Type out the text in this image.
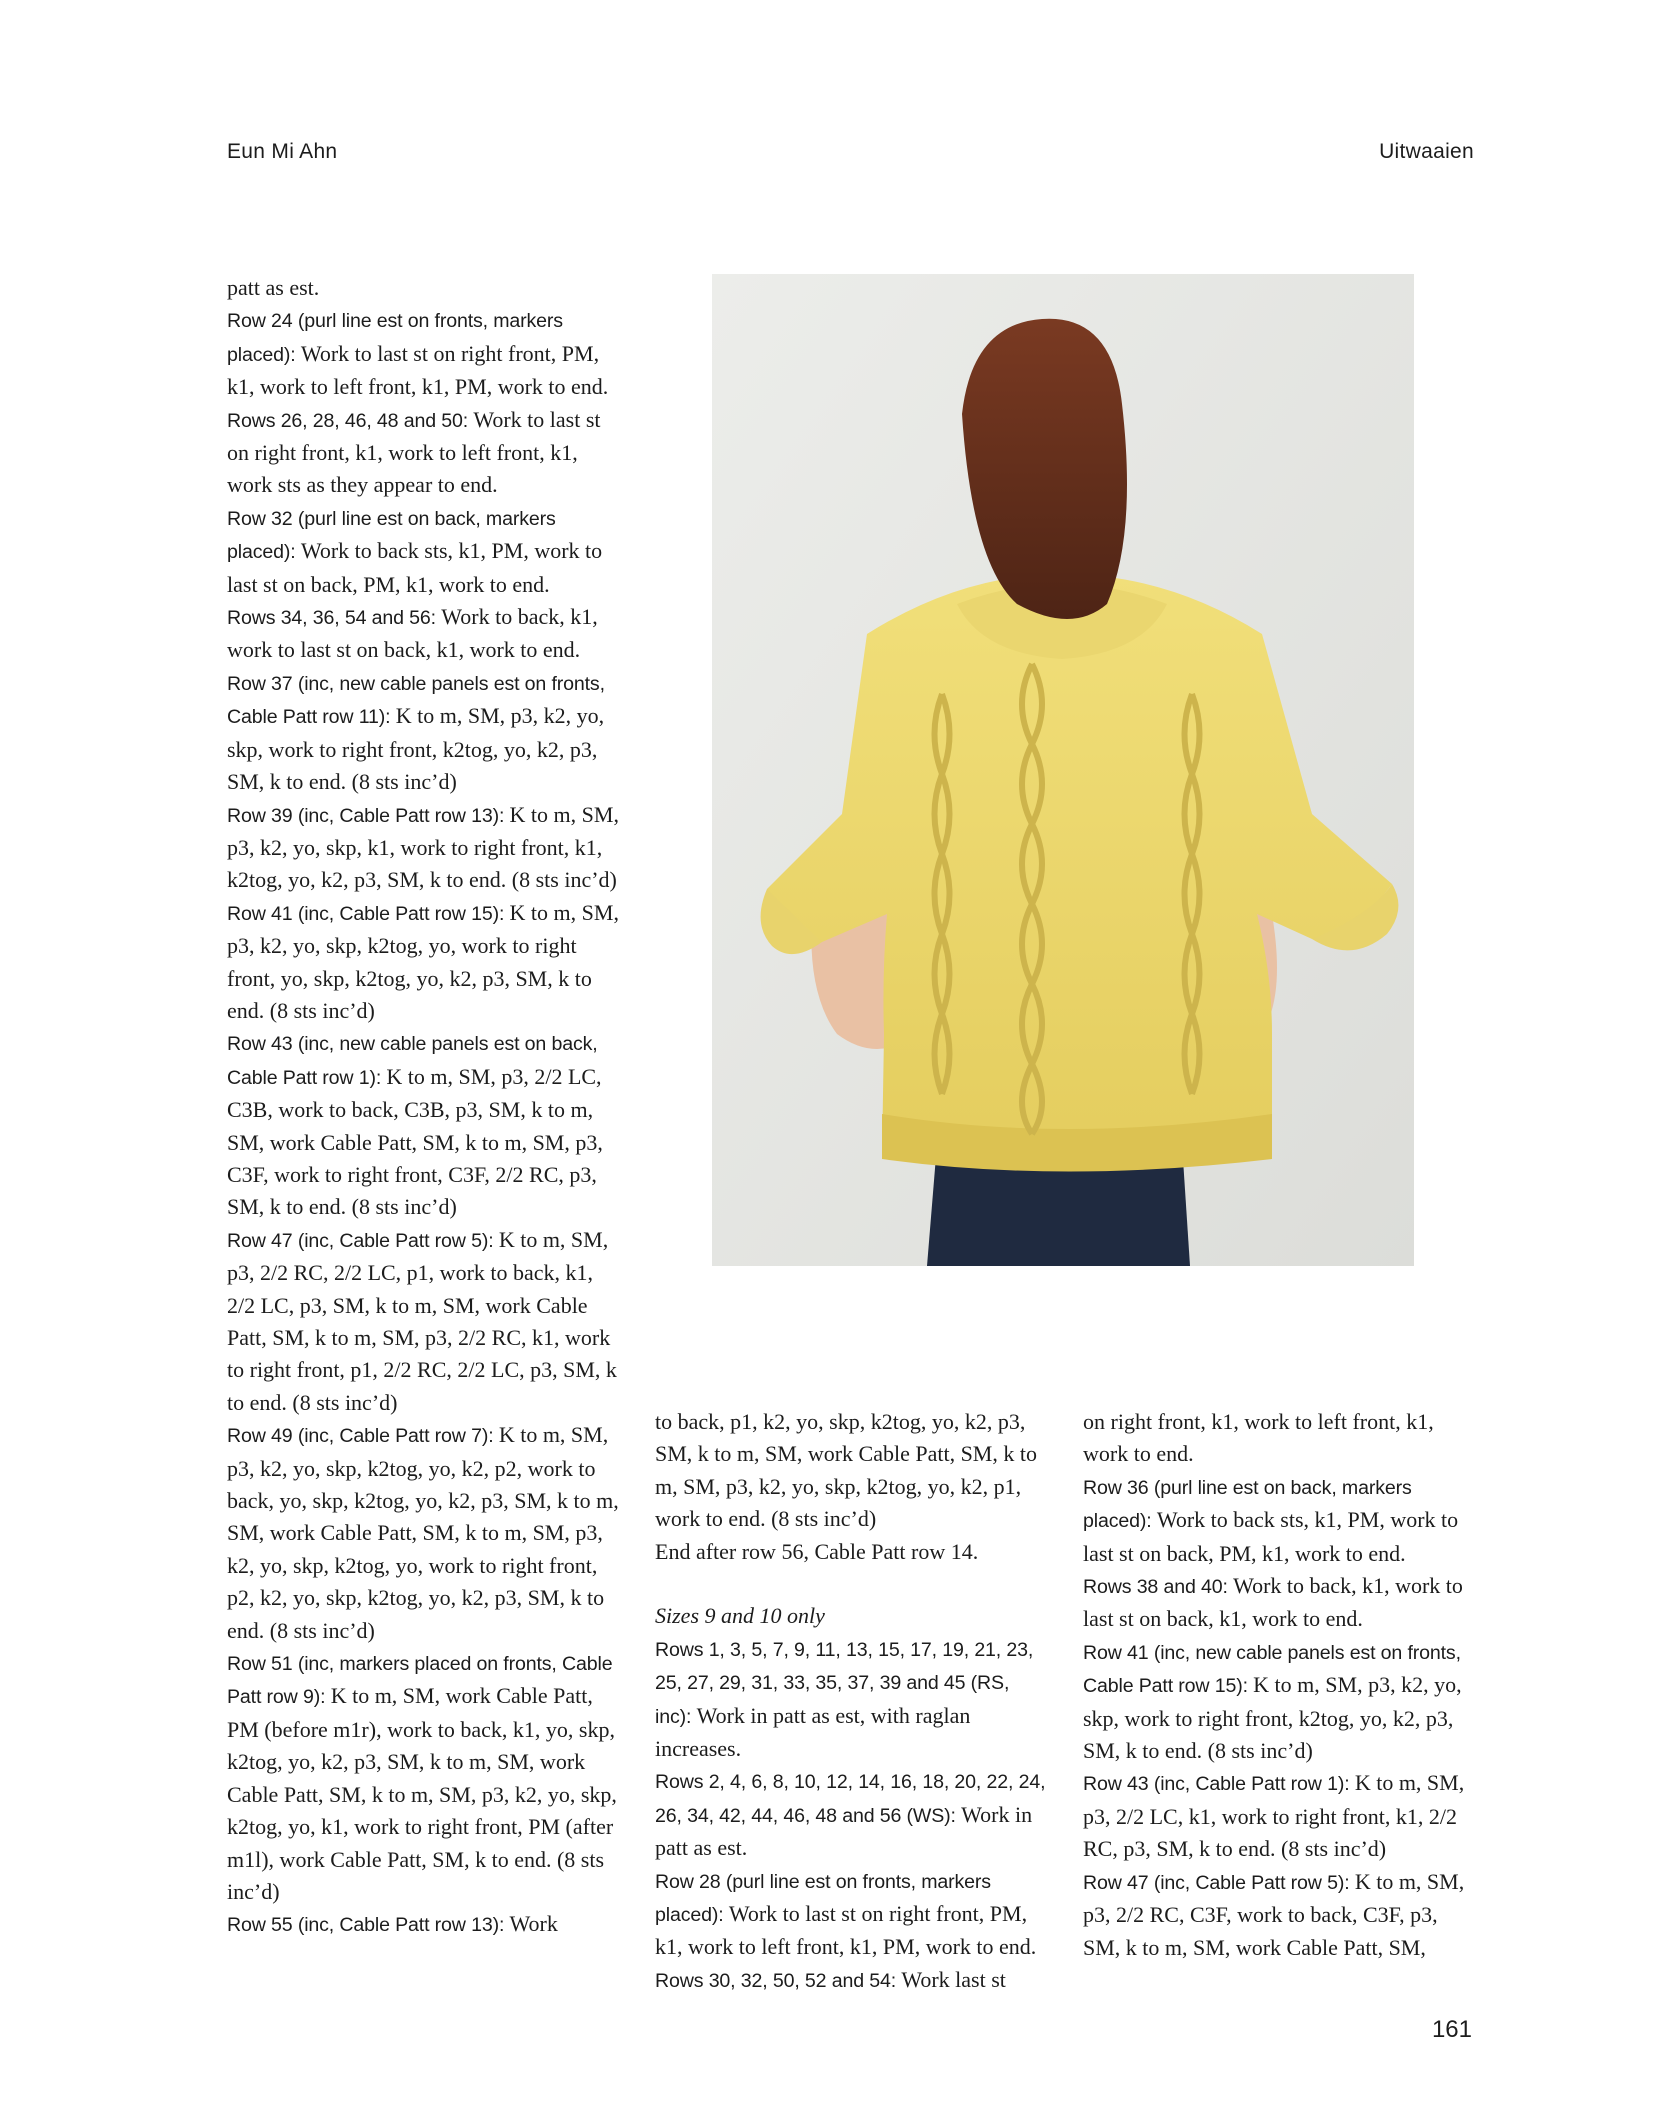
Eun Mi Ahn	Uitwaaien

patt as est.

Row 24 (purl line est on fronts, markers placed): Work to last st on right front, PM, k1, work to left front, k1, PM, work to end.

Rows 26, 28, 46, 48 and 50: Work to last st on right front, k1, work to left front, k1, work sts as they appear to end.

Row 32 (purl line est on back, markers placed): Work to back sts, k1, PM, work to last st on back, PM, k1, work to end.

Rows 34, 36, 54 and 56: Work to back, k1, work to last st on back, k1, work to end.

Row 37 (inc, new cable panels est on fronts, Cable Patt row 11): K to m, SM, p3, k2, yo, skp, work to right front, k2tog, yo, k2, p3, SM, k to end. (8 sts inc’d)

Row 39 (inc, Cable Patt row 13): K to m, SM, p3, k2, yo, skp, k1, work to right front, k1, k2tog, yo, k2, p3, SM, k to end. (8 sts inc’d)

Row 41 (inc, Cable Patt row 15): K to m, SM, p3, k2, yo, skp, k2tog, yo, work to right front, yo, skp, k2tog, yo, k2, p3, SM, k to end. (8 sts inc’d)

Row 43 (inc, new cable panels est on back, Cable Patt row 1): K to m, SM, p3, 2/2 LC, C3B, work to back, C3B, p3, SM, k to m, SM, work Cable Patt, SM, k to m, SM, p3, C3F, work to right front, C3F, 2/2 RC, p3, SM, k to end. (8 sts inc’d)

Row 47 (inc, Cable Patt row 5): K to m, SM, p3, 2/2 RC, 2/2 LC, p1, work to back, k1, 2/2 LC, p3, SM, k to m, SM, work Cable Patt, SM, k to m, SM, p3, 2/2 RC, k1, work to right front, p1, 2/2 RC, 2/2 LC, p3, SM, k to end. (8 sts inc’d)

Row 49 (inc, Cable Patt row 7): K to m, SM, p3, k2, yo, skp, k2tog, yo, k2, p2, work to back, yo, skp, k2tog, yo, k2, p3, SM, k to m, SM, work Cable Patt, SM, k to m, SM, p3, k2, yo, skp, k2tog, yo, work to right front, p2, k2, yo, skp, k2tog, yo, k2, p3, SM, k to end. (8 sts inc’d)

Row 51 (inc, markers placed on fronts, Cable Patt row 9): K to m, SM, work Cable Patt, PM (before m1r), work to back, k1, yo, skp, k2tog, yo, k2, p3, SM, k to m, SM, work Cable Patt, SM, k to m, SM, p3, k2, yo, skp, k2tog, yo, k1, work to right front, PM (after m1l), work Cable Patt, SM, k to end. (8 sts inc’d)

Row 55 (inc, Cable Patt row 13): Work

to back, p1, k2, yo, skp, k2tog, yo, k2, p3, SM, k to m, SM, work Cable Patt, SM, k to m, SM, p3, k2, yo, skp, k2tog, yo, k2, p1, work to end. (8 sts inc’d)

End after row 56, Cable Patt row 14.

Sizes 9 and 10 only

Rows 1, 3, 5, 7, 9, 11, 13, 15, 17, 19, 21, 23, 25, 27, 29, 31, 33, 35, 37, 39 and 45 (RS, inc): Work in patt as est, with raglan increases.

Rows 2, 4, 6, 8, 10, 12, 14, 16, 18, 20, 22, 24, 26, 34, 42, 44, 46, 48 and 56 (WS): Work in patt as est.

Row 28 (purl line est on fronts, markers placed): Work to last st on right front, PM, k1, work to left front, k1, PM, work to end.

Rows 30, 32, 50, 52 and 54: Work last st

on right front, k1, work to left front, k1, work to end.

Row 36 (purl line est on back, markers placed): Work to back sts, k1, PM, work to last st on back, PM, k1, work to end.

Rows 38 and 40: Work to back, k1, work to last st on back, k1, work to end.

Row 41 (inc, new cable panels est on fronts, Cable Patt row 15): K to m, SM, p3, k2, yo, skp, work to right front, k2tog, yo, k2, p3, SM, k to end. (8 sts inc’d)

Row 43 (inc, Cable Patt row 1): K to m, SM, p3, 2/2 LC, k1, work to right front, k1, 2/2 RC, p3, SM, k to end. (8 sts inc’d)

Row 47 (inc, Cable Patt row 5): K to m, SM, p3, 2/2 RC, C3F, work to back, C3F, p3, SM, k to m, SM, work Cable Patt, SM,

161
